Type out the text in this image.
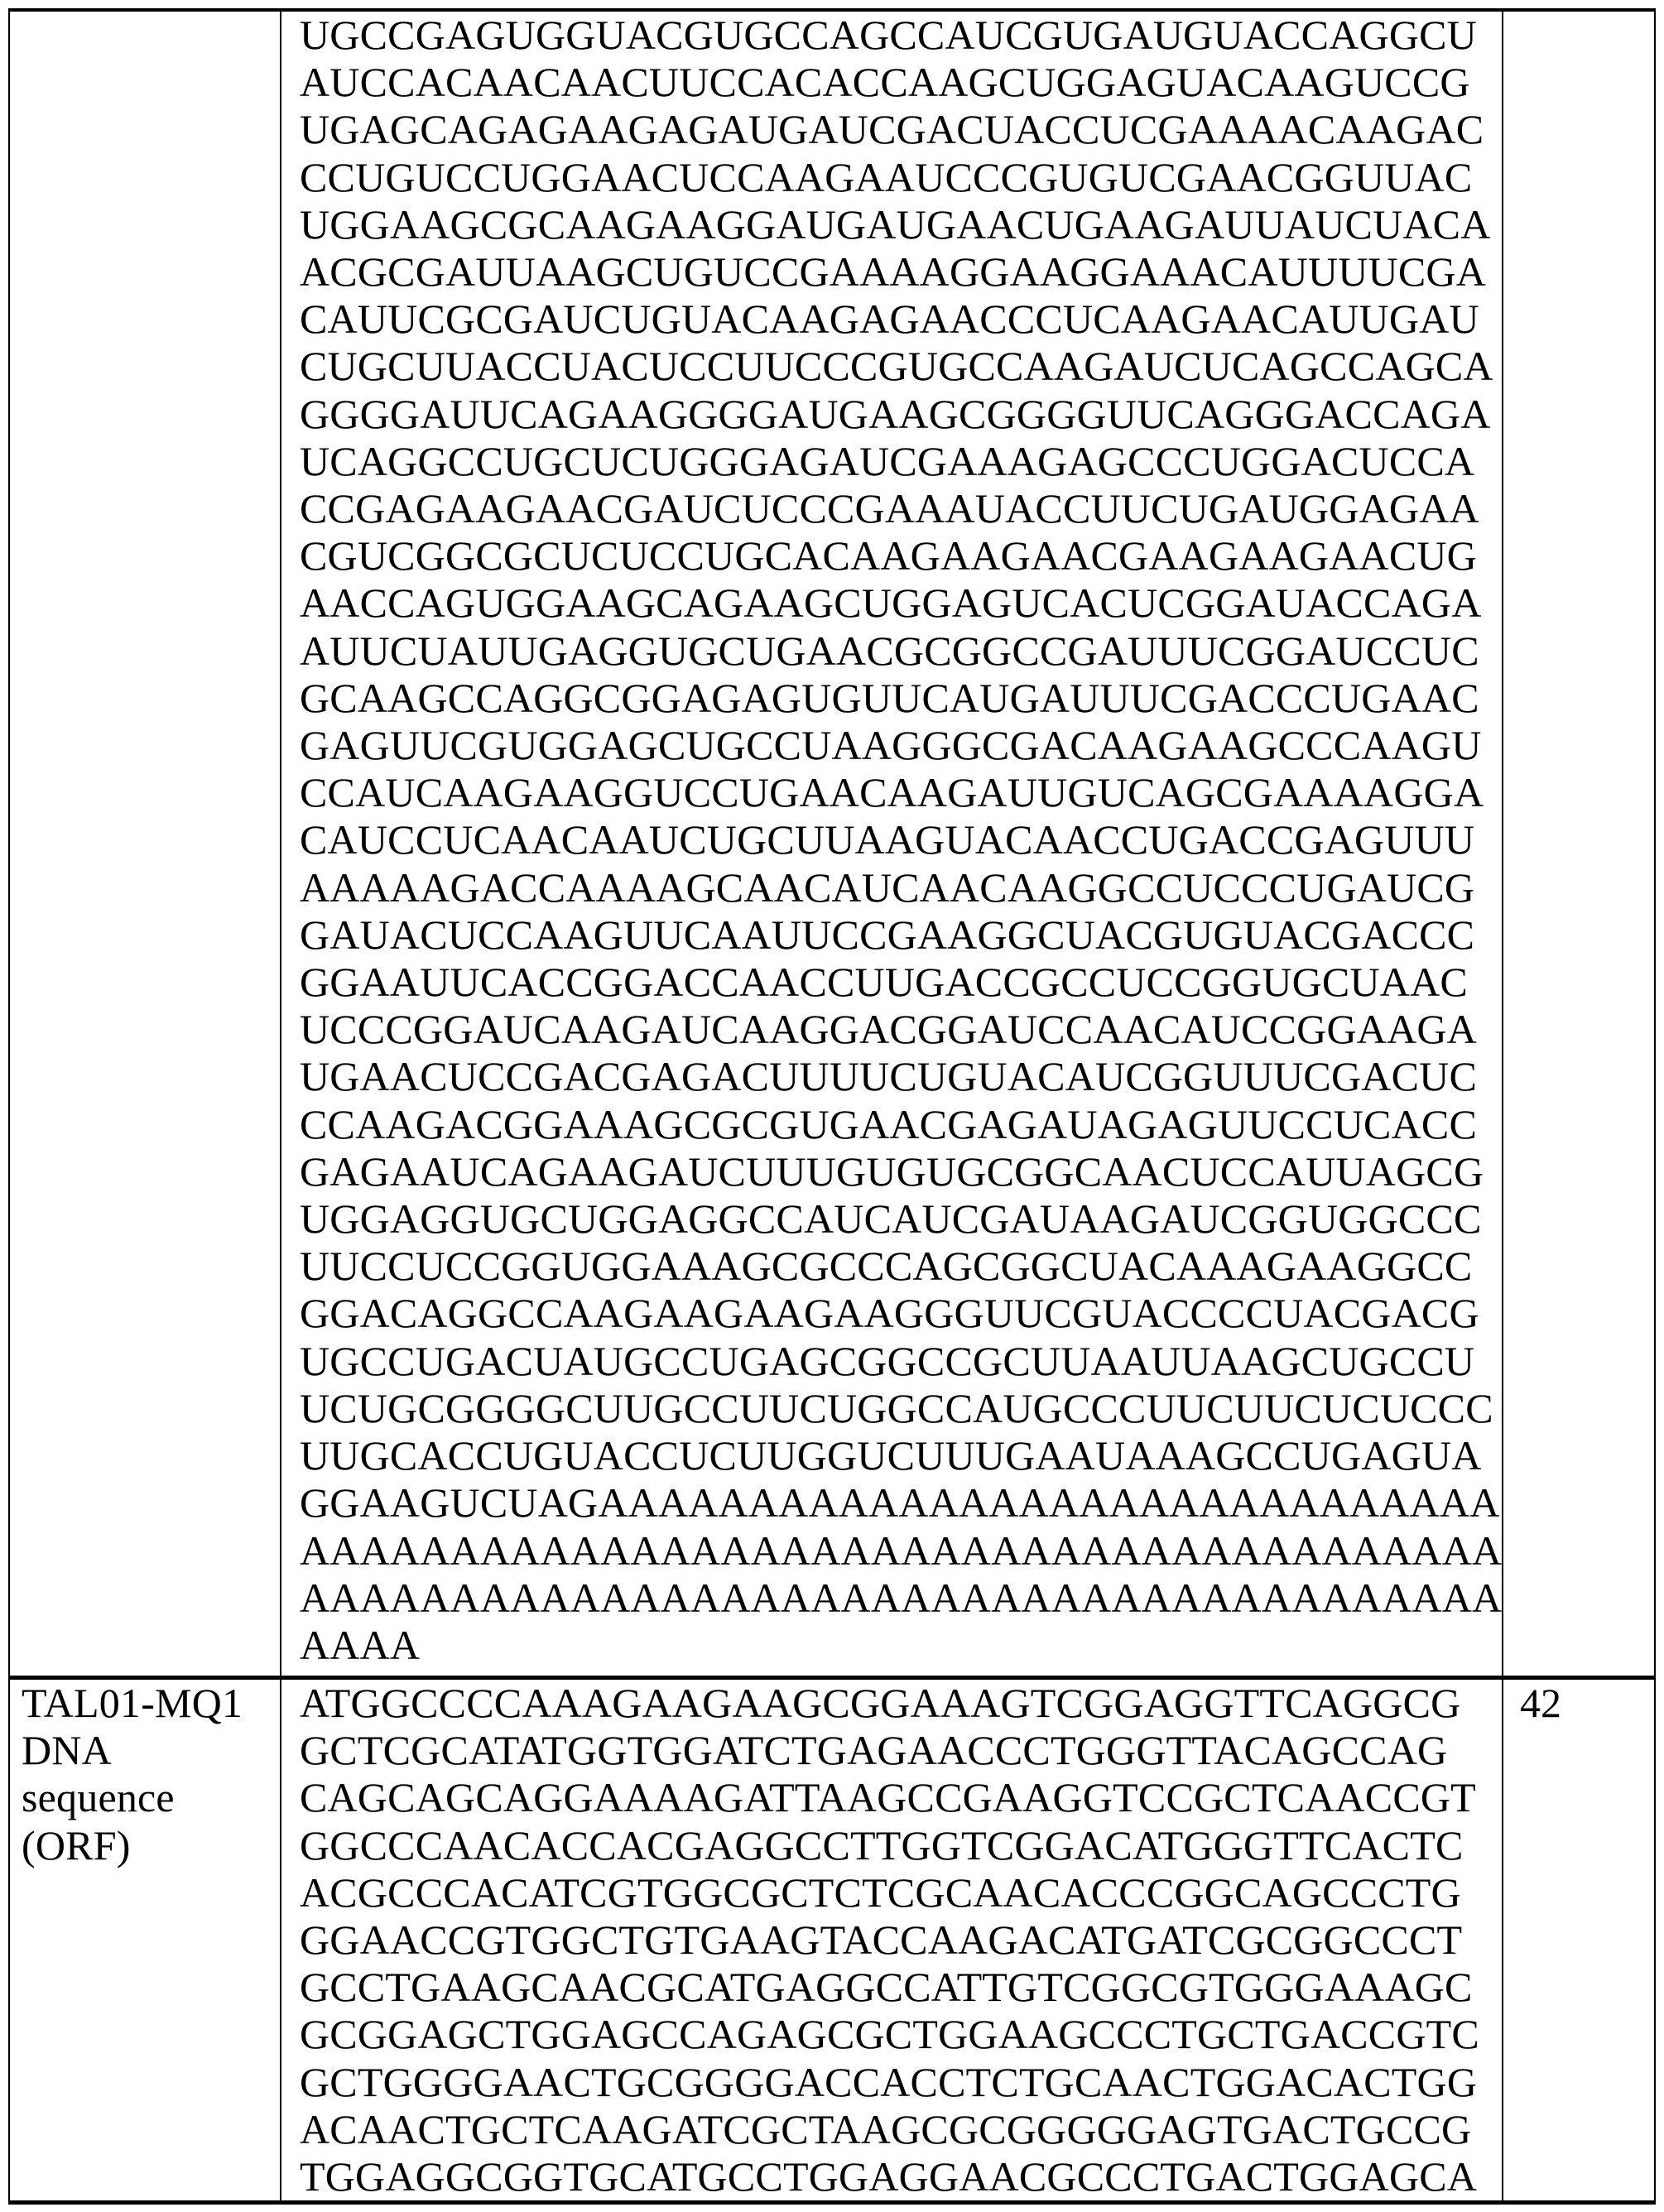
UGCCGAGUGGUACGUGCCAGCCAUCGUGAUGUACCAGGCU
AUCCACAACAACUUCCACACCAAGCUGGAGUACAAGUCCG
UGAGCAGAGAAGAGAUGAUCGACUACCUCGAAAACAAGAC
CCUGUCCUGGAACUCCAAGAAUCCCGUGUCGAACGGUUAC
UGGAAGCGCAAGAAGGAUGAUGAACUGAAGAUUAUCUACA
ACGCGAUUAAGCUGUCCGAAAAGGAAGGAAACAUUUUCGA
CAUUCGCGAUCUGUACAAGAGAACCCUCAAGAACAUUGAU
CUGCUUACCUACUCCUUCCCGUGCCAAGAUCUCAGCCAGCA
GGGGAUUCAGAAGGGGAUGAAGCGGGGUUCAGGGACCAGA
UCAGGCCUGCUCUGGGAGAUCGAAAGAGCCCUGGACUCCA
CCGAGAAGAACGAUCUCCCGAAAUACCUUCUGAUGGAGAA
CGUCGGCGCUCUCCUGCACAAGAAGAACGAAGAAGAACUG
AACCAGUGGAAGCAGAAGCUGGAGUCACUCGGAUACCAGA
AUUCUAUUGAGGUGCUGAACGCGGCCGAUUUCGGAUCCUC
GCAAGCCAGGCGGAGAGUGUUCAUGAUUUCGACCCUGAAC
GAGUUCGUGGAGCUGCCUAAGGGCGACAAGAAGCCCAAGU
CCAUCAAGAAGGUCCUGAACAAGAUUGUCAGCGAAAAGGA
CAUCCUCAACAAUCUGCUUAAGUACAACCUGACCGAGUUU
AAAAAGACCAAAAGCAACAUCAACAAGGCCUCCCUGAUCG
GAUACUCCAAGUUCAAUUCCGAAGGCUACGUGUACGACCC
GGAAUUCACCGGACCAACCUUGACCGCCUCCGGUGCUAAC
UCCCGGAUCAAGAUCAAGGACGGAUCCAACAUCCGGAAGA
UGAACUCCGACGAGACUUUUCUGUACAUCGGUUUCGACUC
CCAAGACGGAAAGCGCGUGAACGAGAUAGAGUUCCUCACC
GAGAAUCAGAAGAUCUUUGUGUGCGGCAACUCCAUUAGCG
UGGAGGUGCUGGAGGCCAUCAUCGAUAAGAUCGGUGGCCC
UUCCUCCGGUGGAAAGCGCCCAGCGGCUACAAAGAAGGCC
GGACAGGCCAAGAAGAAGAAGGGUUCGUACCCCUACGACG
UGCCUGACUAUGCCUGAGCGGCCGCUUAAUUAAGCUGCCU
UCUGCGGGGCUUGCCUUCUGGCCAUGCCCUUCUUCUCUCCC
UUGCACCUGUACCUCUUGGUCUUUGAAUAAAGCCUGAGUA
GGAAGUCUAGAAAAAAAAAAAAAAAAAAAAAAAAAAAAAA
AAAAAAAAAAAAAAAAAAAAAAAAAAAAAAAAAAAAAAAA
AAAAAAAAAAAAAAAAAAAAAAAAAAAAAAAAAAAAAAAA
AAAA

TAL01-MQ1
DNA
sequence
(ORF)

ATGGCCCCAAAGAAGAAGCGGAAAGTCGGAGGTTCAGGCG
GCTCGCATATGGTGGATCTGAGAACCCTGGGTTACAGCCAG
CAGCAGCAGGAAAAGATTAAGCCGAAGGTCCGCTCAACCGT
GGCCCAACACCACGAGGCCTTGGTCGGACATGGGTTCACTC
ACGCCCACATCGTGGCGCTCTCGCAACACCCGGCAGCCCTG
GGAACCGTGGCTGTGAAGTACCAAGACATGATCGCGGCCCT
GCCTGAAGCAACGCATGAGGCCATTGTCGGCGTGGGAAAGC
GCGGAGCTGGAGCCAGAGCGCTGGAAGCCCTGCTGACCGTC
GCTGGGGAACTGCGGGGACCACCTCTGCAACTGGACACTGG
ACAACTGCTCAAGATCGCTAAGCGCGGGGGAGTGACTGCCG
TGGAGGCGGTGCATGCCTGGAGGAACGCCCTGACTGGAGCA
	42
